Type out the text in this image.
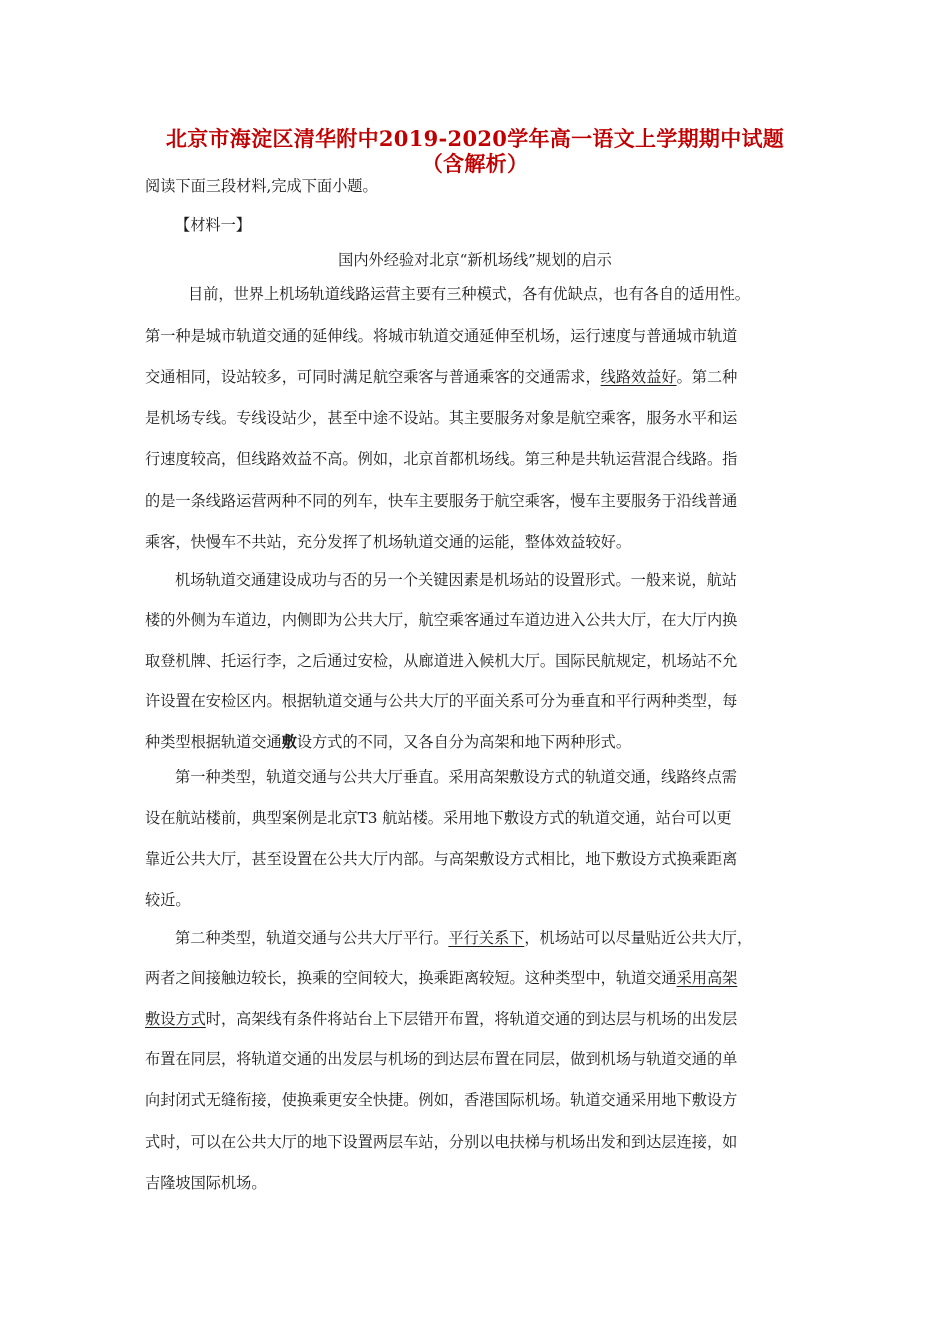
北京市海淀区清华附中2019-2020学年高一语文上学期期中试题
（含解析）
阅读下面三段材料,完成下面小题。
【材料一】
国内外经验对北京“新机场线”规划的启示
目前，世界上机场轨道线路运营主要有三种模式，各有优缺点，也有各自的适用性。
第一种是城市轨道交通的延伸线。将城市轨道交通延伸至机场，运行速度与普通城市轨道
交通相同，设站较多，可同时满足航空乘客与普通乘客的交通需求，线路效益好。第二种
是机场专线。专线设站少，甚至中途不设站。其主要服务对象是航空乘客，服务水平和运
行速度较高，但线路效益不高。例如，北京首都机场线。第三种是共轨运营混合线路。指
的是一条线路运营两种不同的列车，快车主要服务于航空乘客，慢车主要服务于沿线普通
乘客，快慢车不共站，充分发挥了机场轨道交通的运能，整体效益较好。
机场轨道交通建设成功与否的另一个关键因素是机场站的设置形式。一般来说，航站
楼的外侧为车道边，内侧即为公共大厅，航空乘客通过车道边进入公共大厅，在大厅内换
取登机牌、托运行李，之后通过安检，从廊道进入候机大厅。国际民航规定，机场站不允
许设置在安检区内。根据轨道交通与公共大厅的平面关系可分为垂直和平行两种类型，每
种类型根据轨道交通敷设方式的不同，又各自分为高架和地下两种形式。
第一种类型，轨道交通与公共大厅垂直。采用高架敷设方式的轨道交通，线路终点需
设在航站楼前，典型案例是北京T3 航站楼。采用地下敷设方式的轨道交通，站台可以更
靠近公共大厅，甚至设置在公共大厅内部。与高架敷设方式相比，地下敷设方式换乘距离
较近。
第二种类型，轨道交通与公共大厅平行。平行关系下，机场站可以尽量贴近公共大厅，
两者之间接触边较长，换乘的空间较大，换乘距离较短。这种类型中，轨道交通采用高架
敷设方式时，高架线有条件将站台上下层错开布置，将轨道交通的到达层与机场的出发层
布置在同层，将轨道交通的出发层与机场的到达层布置在同层，做到机场与轨道交通的单
向封闭式无缝衔接，使换乘更安全快捷。例如，香港国际机场。轨道交通采用地下敷设方
式时，可以在公共大厅的地下设置两层车站，分别以电扶梯与机场出发和到达层连接，如
吉隆坡国际机场。
